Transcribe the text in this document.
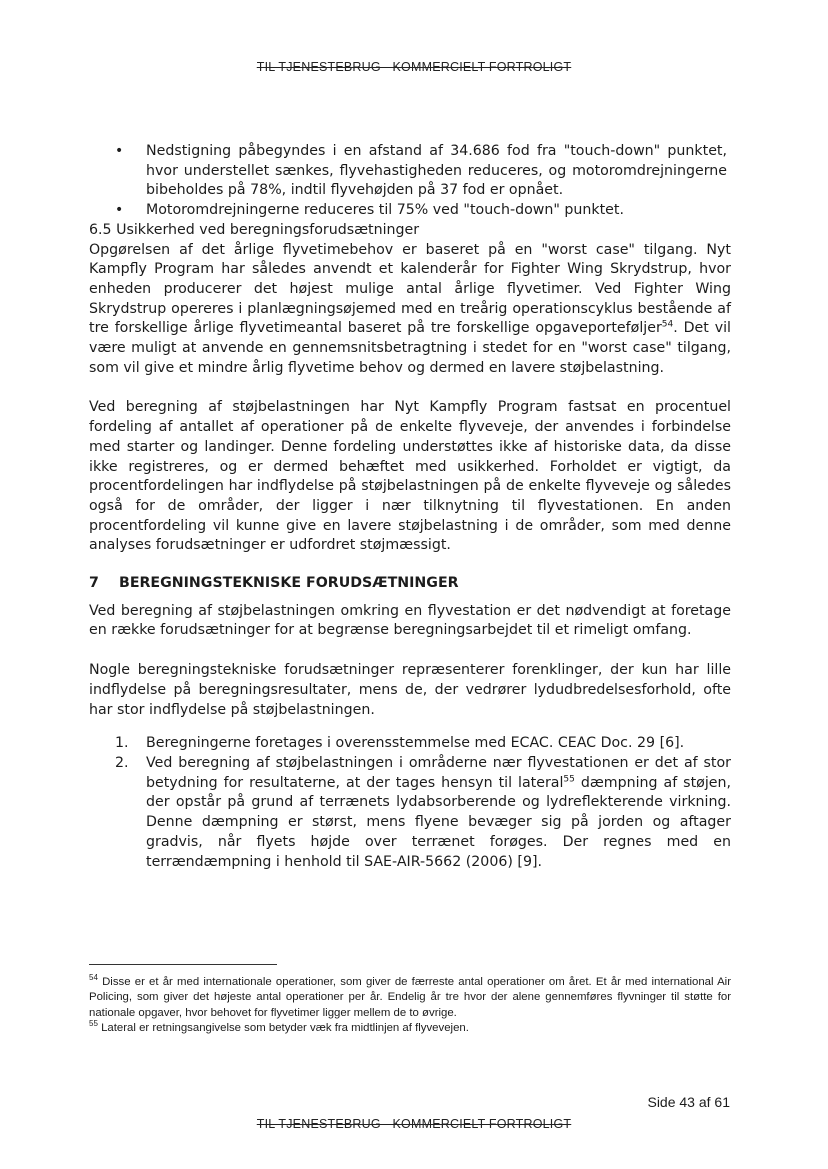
TIL TJENESTEBRUG - KOMMERCIELT FORTROLIGT
• Nedstigning påbegyndes i en afstand af 34.686 fod fra "touch-down" punktet, hvor understellet sænkes, flyvehastigheden reduceres, og motoromdrejningerne bibeholdes på 78%, indtil flyvehøjden på 37 fod er opnået.
• Motoromdrejningerne reduceres til 75% ved "touch-down" punktet.

6.5 Usikkerhed ved beregningsforudsætninger

Opgørelsen af det årlige flyvetimebehov er baseret på en "worst case" tilgang. Nyt Kampfly Program har således anvendt et kalenderår for Fighter Wing Skrydstrup, hvor enheden producerer det højest mulige antal årlige flyvetimer. Ved Fighter Wing Skrydstrup opereres i planlægningsøjemed med en treårig operationscyklus bestående af tre forskellige årlige flyvetimeantal baseret på tre forskellige opgaveporteføljer$^{54}$. Det vil være muligt at anvende en gennemsnitsbetragtning i stedet for en "worst case" tilgang, som vil give et mindre årlig flyvetime behov og dermed en lavere støjbelastning.

Ved beregning af støjbelastningen har Nyt Kampfly Program fastsat en procentuel fordeling af antallet af operationer på de enkelte flyveveje, der anvendes i forbindelse med starter og landinger. Denne fordeling understøttes ikke af historiske data, da disse ikke registreres, og er dermed behæftet med usikkerhed. Forholdet er vigtigt, da procentfordelingen har indflydelse på støjbelastningen på de enkelte flyveveje og således også for de områder, der ligger i nær tilknytning til flyvestationen. En anden procentfordeling vil kunne give en lavere støjbelastning i de områder, som med denne analyses forudsætninger er udfordret støjmæssigt.

7 BEREGNINGSTEKNISKE FORUDSÆTNINGER

Ved beregning af støjbelastningen omkring en flyvestation er det nødvendigt at foretage en række forudsætninger for at begrænse beregningsarbejdet til et rimeligt omfang.

Nogle beregningstekniske forudsætninger repræsenterer forenklinger, der kun har lille indflydelse på beregningsresultater, mens de, der vedrører lydudbredelsesforhold, ofte har stor indflydelse på støjbelastningen.

1. Beregningerne foretages i overensstemmelse med ECAC. CEAC Doc. 29 [6].
2. Ved beregning af støjbelastningen i områderne nær flyvestationen er det af stor betydning for resultaterne, at der tages hensyn til lateral$^{55}$ dæmpning af støjen, der opstår på grund af terrænets lydabsorberende og lydreflekterende virkning. Denne dæmpning er størst, mens flyene bevæger sig på jorden og aftager gradvis, når flyets højde over terrænet forøges. Der regnes med en terrændæmpning i henhold til SAE-AIR-5662 (2006) [9].

$^{54}$ Disse er et år med internationale operationer, som giver de færreste antal operationer om året. Et år med international Air Policing, som giver det højeste antal operationer per år. Endelig år tre hvor der alene gennemføres flyvninger til støtte for nationale opgaver, hvor behovet for flyvetimer ligger mellem de to øvrige.

$^{55}$ Lateral er retningsangivelse som betyder væk fra midtlinjen af flyvevejen.

Side 43 af 61
TIL TJENESTEBRUG - KOMMERCIELT FORTROLIGT
